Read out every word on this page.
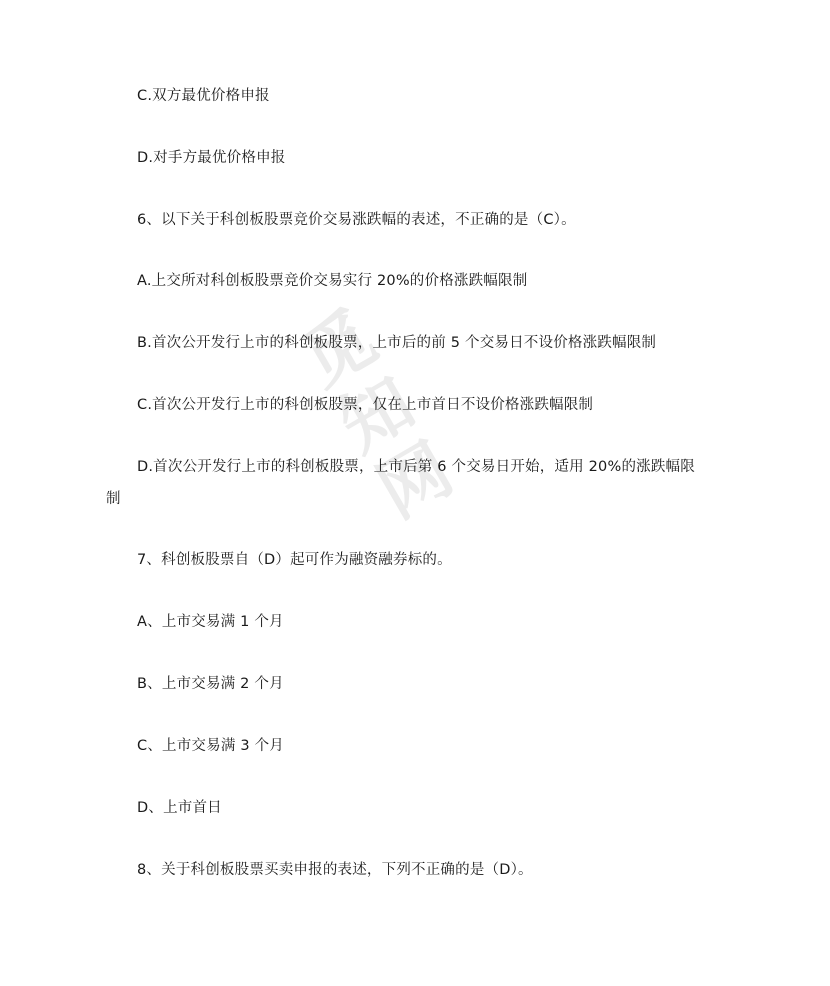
觅
知
网
C.双方最优价格申报
D.对手方最优价格申报
6、以下关于科创板股票竞价交易涨跌幅的表述，不正确的是（C）。
A.上交所对科创板股票竞价交易实行 20%的价格涨跌幅限制
B.首次公开发行上市的科创板股票，上市后的前 5 个交易日不设价格涨跌幅限制
C.首次公开发行上市的科创板股票，仅在上市首日不设价格涨跌幅限制
D.首次公开发行上市的科创板股票，上市后第 6 个交易日开始，适用 20%的涨跌幅限
制
7、科创板股票自（D）起可作为融资融券标的。
A、上市交易满 1 个月
B、上市交易满 2 个月
C、上市交易满 3 个月
D、上市首日
8、关于科创板股票买卖申报的表述，下列不正确的是（D）。
